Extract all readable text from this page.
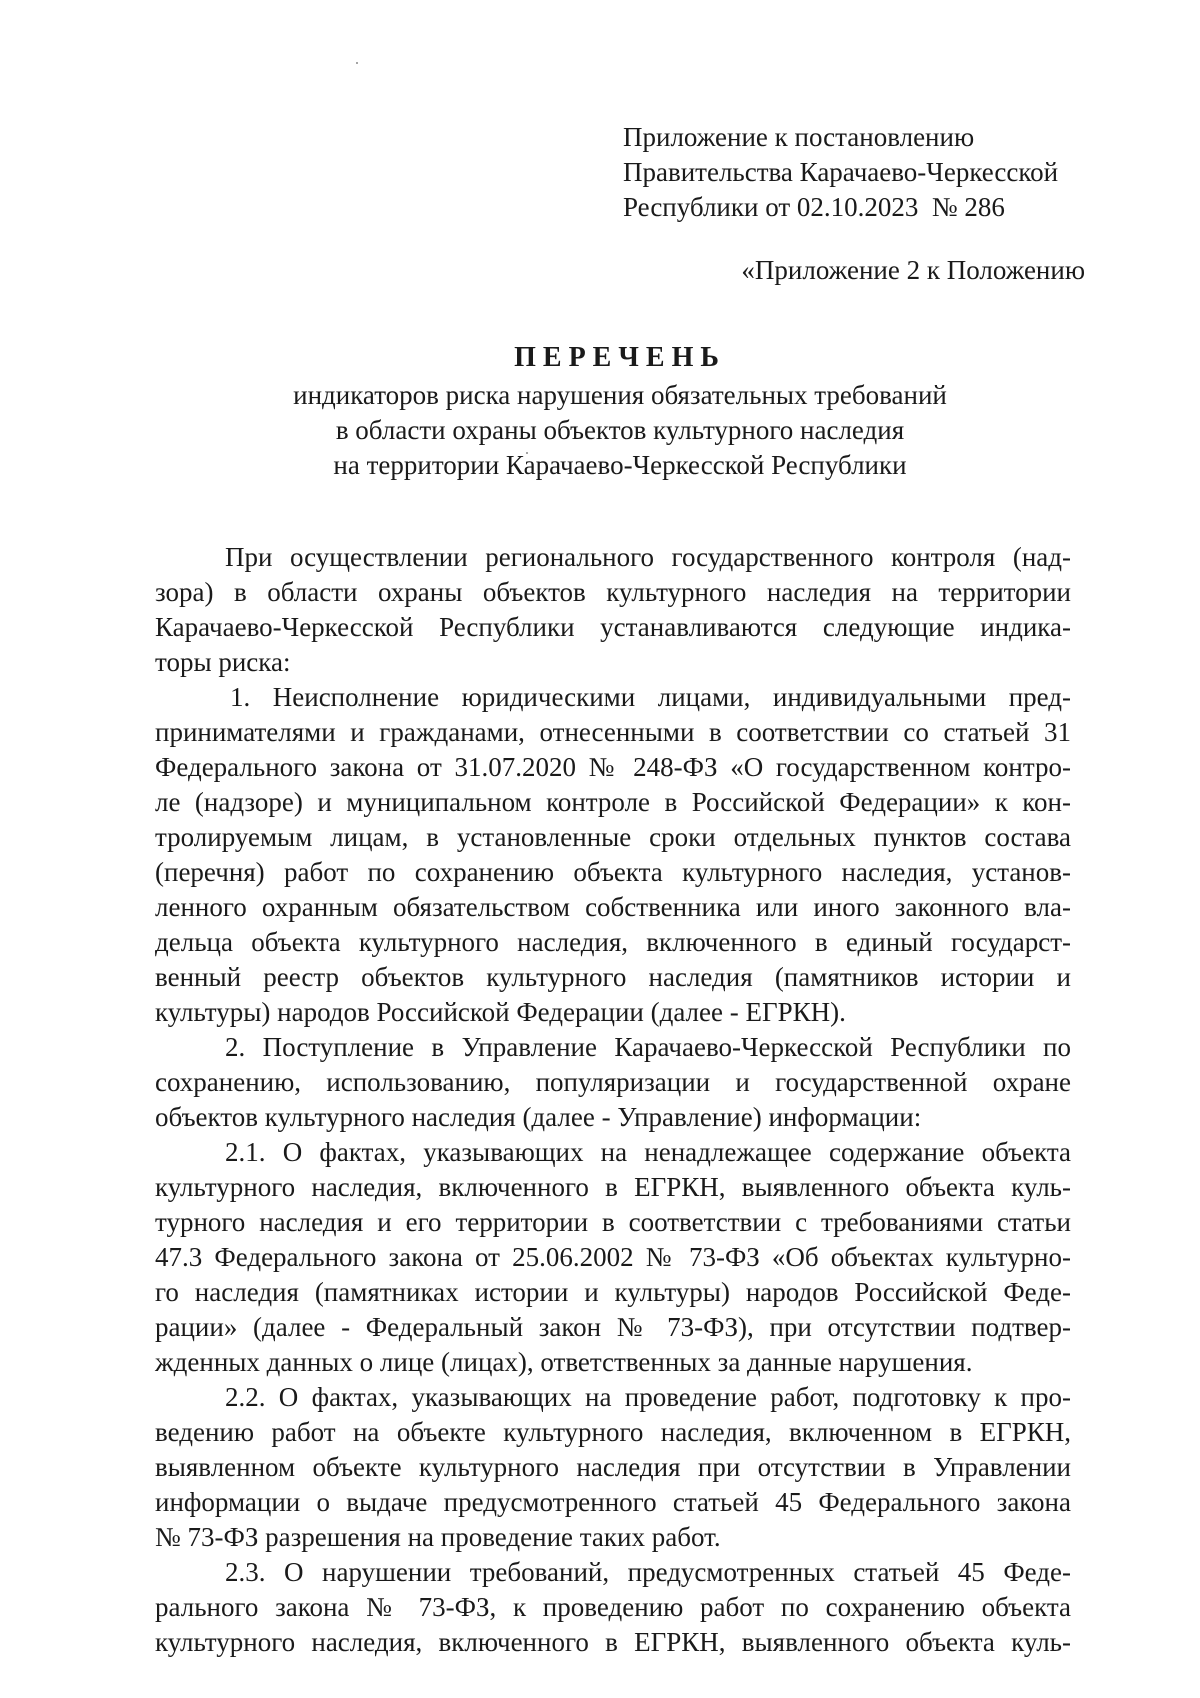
Приложение к постановлению
Правительства Карачаево-Черкесской
Республики от 02.10.2023  № 286
«Приложение 2 к Положению
ПЕРЕЧЕНЬ
индикаторов риска нарушения обязательных требований
в области охраны объектов культурного наследия
на территории Карачаево-Черкесской Республики
При осуществлении регионального государственного контроля (над-
зора) в области охраны объектов культурного наследия на территории
Карачаево-Черкесской Республики устанавливаются следующие индика-
торы риска:
1. Неисполнение юридическими лицами, индивидуальными пред-
принимателями и гражданами, отнесенными в соответствии со статьей 31
Федерального закона от 31.07.2020 № 248-ФЗ «О государственном контро-
ле (надзоре) и муниципальном контроле в Российской Федерации» к кон-
тролируемым лицам, в установленные сроки отдельных пунктов состава
(перечня) работ по сохранению объекта культурного наследия, установ-
ленного охранным обязательством собственника или иного законного вла-
дельца объекта культурного наследия, включенного в единый государст-
венный реестр объектов культурного наследия (памятников истории и
культуры) народов Российской Федерации (далее - ЕГРКН).
2. Поступление в Управление Карачаево-Черкесской Республики по
сохранению, использованию, популяризации и государственной охране
объектов культурного наследия (далее - Управление) информации:
2.1. О фактах, указывающих на ненадлежащее содержание объекта
культурного наследия, включенного в ЕГРКН, выявленного объекта куль-
турного наследия и его территории в соответствии с требованиями статьи
47.3 Федерального закона от 25.06.2002 № 73-ФЗ «Об объектах культурно-
го наследия (памятниках истории и культуры) народов Российской Феде-
рации» (далее - Федеральный закон № 73-ФЗ), при отсутствии подтвер-
жденных данных о лице (лицах), ответственных за данные нарушения.
2.2. О фактах, указывающих на проведение работ, подготовку к про-
ведению работ на объекте культурного наследия, включенном в ЕГРКН,
выявленном объекте культурного наследия при отсутствии в Управлении
информации о выдаче предусмотренного статьей 45 Федерального закона
№ 73-ФЗ разрешения на проведение таких работ.
2.3. О нарушении требований, предусмотренных статьей 45 Феде-
рального закона № 73-ФЗ, к проведению работ по сохранению объекта
культурного наследия, включенного в ЕГРКН, выявленного объекта куль-
